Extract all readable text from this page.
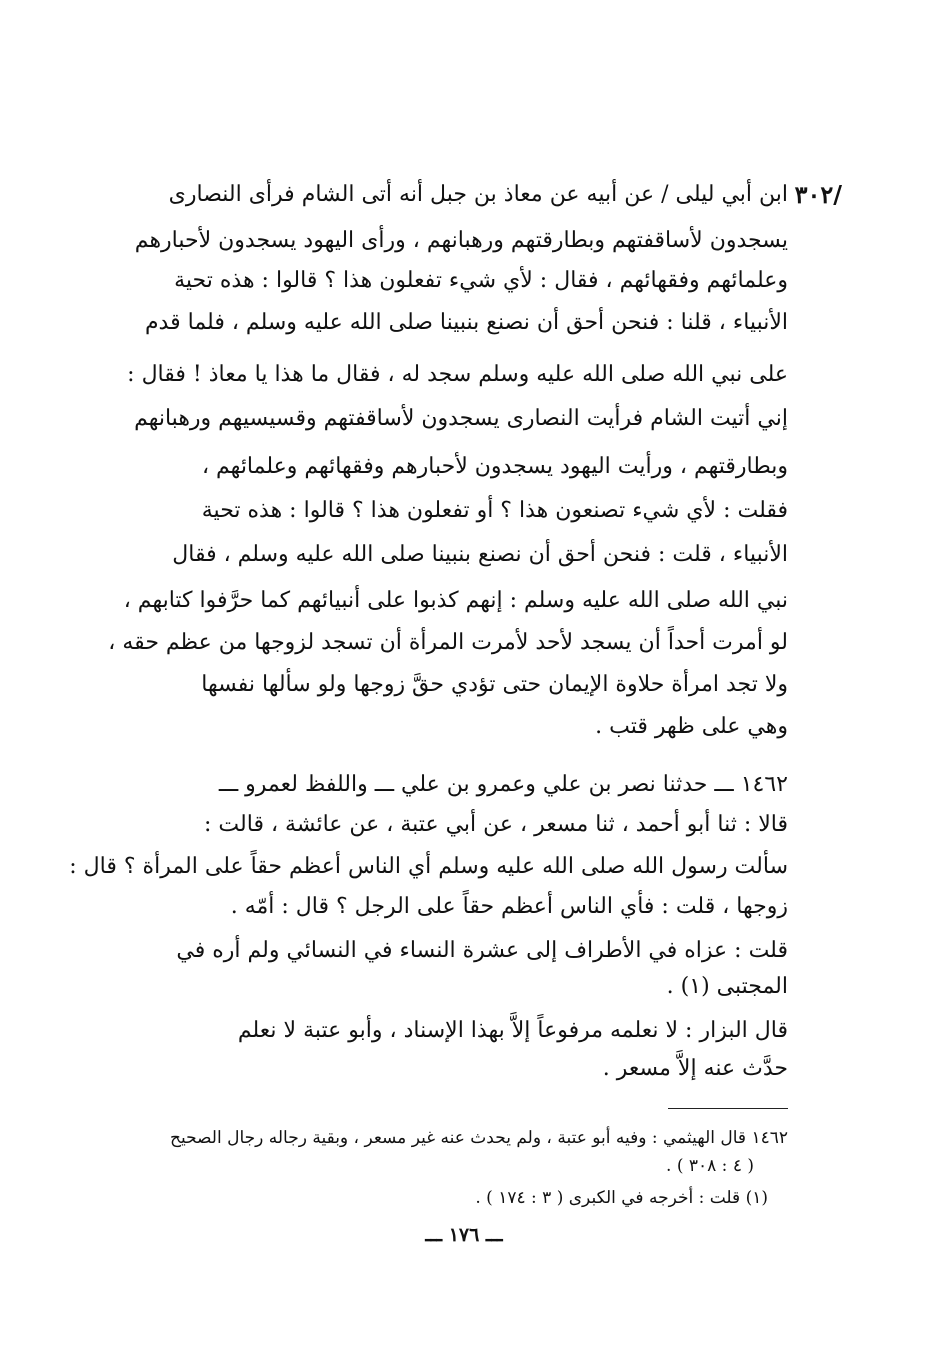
/٣٠٢
ابن أبي ليلى / عن أبيه عن معاذ بن جبل أنه أتى الشام فرأى النصارى
يسجدون لأساقفتهم وبطارقتهم ورهبانهم ، ورأى اليهود يسجدون لأحبارهم
وعلمائهم وفقهائهم ، فقال : لأي شيء تفعلون هذا ؟ قالوا : هذه تحية
الأنبياء ، قلنا : فنحن أحق أن نصنع بنبينا صلى الله عليه وسلم ، فلما قدم
على نبي الله صلى الله عليه وسلم سجد له ، فقال ما هذا يا معاذ ! فقال :
إني أتيت الشام فرأيت النصارى يسجدون لأساقفتهم وقسيسيهم ورهبانهم
وبطارقتهم ، ورأيت اليهود يسجدون لأحبارهم وفقهائهم وعلمائهم ،
فقلت : لأي شيء تصنعون هذا ؟ أو تفعلون هذا ؟ قالوا : هذه تحية
الأنبياء ، قلت : فنحن أحق أن نصنع بنبينا صلى الله عليه وسلم ، فقال
نبي الله صلى الله عليه وسلم : إنهم كذبوا على أنبيائهم كما حرَّفوا كتابهم ،
لو أمرت أحداً أن يسجد لأحد لأمرت المرأة أن تسجد لزوجها من عظم حقه ،
ولا تجد امرأة حلاوة الإيمان حتى تؤدي حقَّ زوجها ولو سألها نفسها
وهي على ظهر قتب .
١٤٦٢ ـــ حدثنا نصر بن علي وعمرو بن علي ـــ واللفظ لعمرو ـــ
قالا : ثنا أبو أحمد ، ثنا مسعر ، عن أبي عتبة ، عن عائشة ، قالت :
سألت رسول الله صلى الله عليه وسلم أي الناس أعظم حقاً على المرأة ؟ قال :
زوجها ، قلت : فأي الناس أعظم حقاً على الرجل ؟ قال : أمّه .
قلت : عزاه في الأطراف إلى عشرة النساء في النسائي ولم أره في
المجتبى (١) .
قال البزار : لا نعلمه مرفوعاً إلاَّ بهذا الإسناد ، وأبو عتبة لا نعلم
حدَّث عنه إلاَّ مسعر .
١٤٦٢ قال الهيثمي : وفيه أبو عتبة ، ولم يحدث عنه غير مسعر ، وبقية رجاله رجال الصحيح
( ٤ : ٣٠٨ ) .
(١) قلت : أخرجه في الكبرى ( ٣ : ١٧٤ ) .
ـــ ١٧٦ ـــ
